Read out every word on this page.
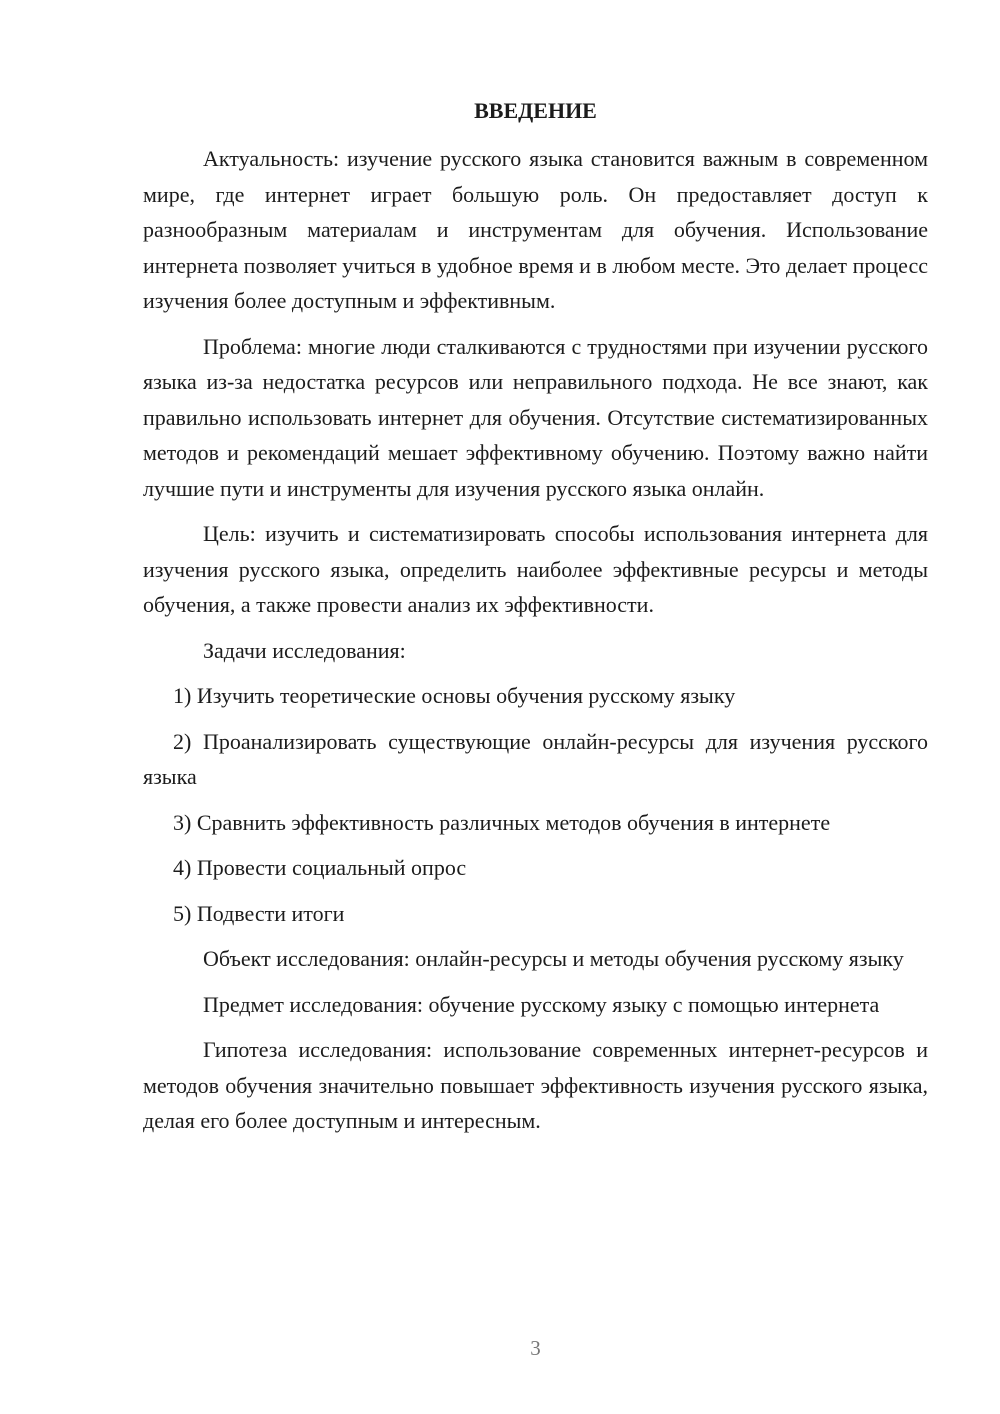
ВВЕДЕНИЕ

Актуальность: изучение русского языка становится важным в современном мире, где интернет играет большую роль. Он предоставляет доступ к разнообразным материалам и инструментам для обучения. Использование интернета позволяет учиться в удобное время и в любом месте. Это делает процесс изучения более доступным и эффективным.

Проблема: многие люди сталкиваются с трудностями при изучении русского языка из-за недостатка ресурсов или неправильного подхода. Не все знают, как правильно использовать интернет для обучения. Отсутствие систематизированных методов и рекомендаций мешает эффективному обучению. Поэтому важно найти лучшие пути и инструменты для изучения русского языка онлайн.

Цель: изучить и систематизировать способы использования интернета для изучения русского языка, определить наиболее эффективные ресурсы и методы обучения, а также провести анализ их эффективности.

Задачи исследования:

1) Изучить теоретические основы обучения русскому языку

2) Проанализировать существующие онлайн-ресурсы для изучения русского языка

3) Сравнить эффективность различных методов обучения в интернете

4) Провести социальный опрос

5) Подвести итоги

Объект исследования: онлайн-ресурсы и методы обучения русскому языку

Предмет исследования: обучение русскому языку с помощью интернета

Гипотеза исследования: использование современных интернет-ресурсов и методов обучения значительно повышает эффективность изучения русского языка, делая его более доступным и интересным.

3
